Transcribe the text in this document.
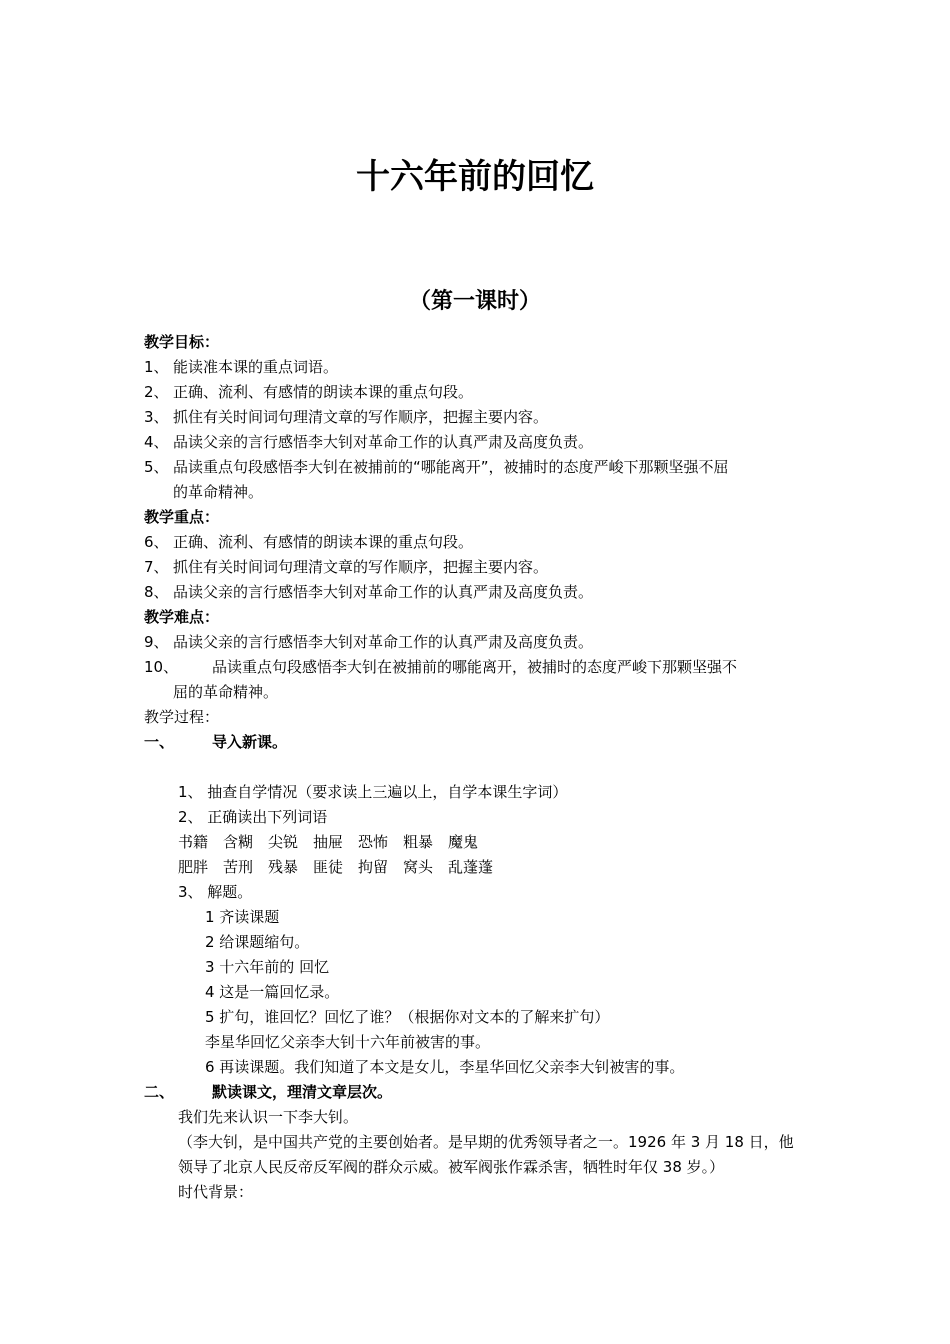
十六年前的回忆
（第一课时）
教学目标：
1、 能读准本课的重点词语。
2、 正确、流利、有感情的朗读本课的重点句段。
3、 抓住有关时间词句理清文章的写作顺序，把握主要内容。
4、 品读父亲的言行感悟李大钊对革命工作的认真严肃及高度负责。
5、 品读重点句段感悟李大钊在被捕前的“哪能离开”，被捕时的态度严峻下那颗坚强不屈
的革命精神。
教学重点：
6、 正确、流利、有感情的朗读本课的重点句段。
7、 抓住有关时间词句理清文章的写作顺序，把握主要内容。
8、 品读父亲的言行感悟李大钊对革命工作的认真严肃及高度负责。
教学难点：
9、 品读父亲的言行感悟李大钊对革命工作的认真严肃及高度负责。
10、	品读重点句段感悟李大钊在被捕前的哪能离开，被捕时的态度严峻下那颗坚强不
屈的革命精神。
教学过程：
一、	导入新课。
1、 抽查自学情况（要求读上三遍以上，自学本课生字词）
2、 正确读出下列词语
书籍　含糊　尖锐　抽屉　恐怖　粗暴　魔鬼
肥胖　苦刑　残暴　匪徒　拘留　窝头　乱蓬蓬
3、 解题。
1 齐读课题
2 给课题缩句。
3 十六年前的 回忆
4 这是一篇回忆录。
5 扩句，谁回忆？回忆了谁？（根据你对文本的了解来扩句）
李星华回忆父亲李大钊十六年前被害的事。
6 再读课题。我们知道了本文是女儿，李星华回忆父亲李大钊被害的事。
二、	默读课文，理清文章层次。
我们先来认识一下李大钊。
（李大钊，是中国共产党的主要创始者。是早期的优秀领导者之一。1926 年 3 月 18 日，他
领导了北京人民反帝反军阀的群众示威。被军阀张作霖杀害，牺牲时年仅 38 岁。）
时代背景：
